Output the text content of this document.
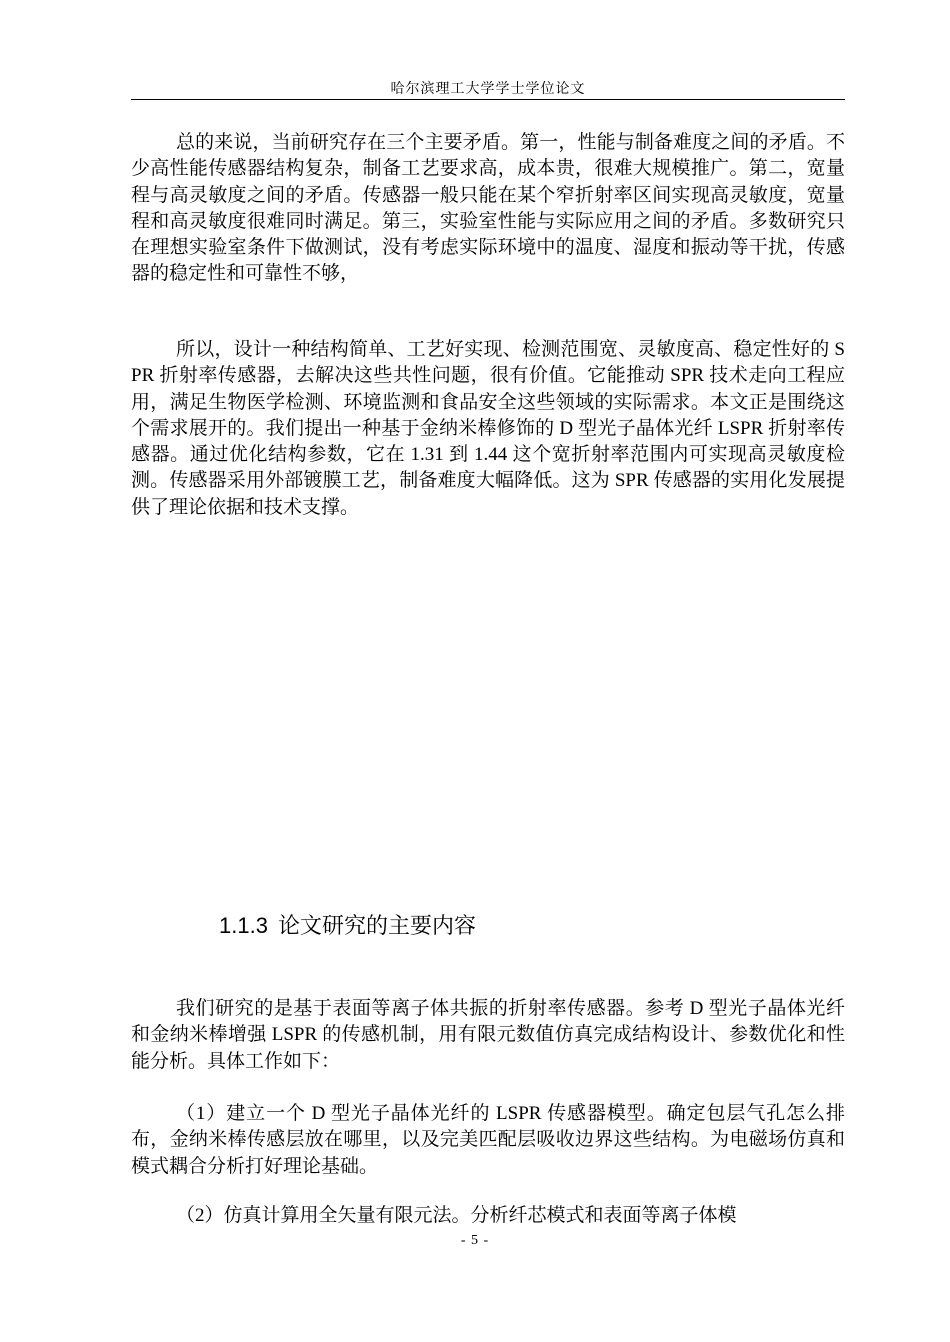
哈尔滨理工大学学士学位论文

总的来说，当前研究存在三个主要矛盾。第一，性能与制备难度之间的矛盾。不少高性能传感器结构复杂，制备工艺要求高，成本贵，很难大规模推广。第二，宽量程与高灵敏度之间的矛盾。传感器一般只能在某个窄折射率区间实现高灵敏度，宽量程和高灵敏度很难同时满足。第三，实验室性能与实际应用之间的矛盾。多数研究只在理想实验室条件下做测试，没有考虑实际环境中的温度、湿度和振动等干扰，传感器的稳定性和可靠性不够，

所以，设计一种结构简单、工艺好实现、检测范围宽、灵敏度高、稳定性好的 SPR 折射率传感器，去解决这些共性问题，很有价值。它能推动 SPR 技术走向工程应用，满足生物医学检测、环境监测和食品安全这些领域的实际需求。本文正是围绕这个需求展开的。我们提出一种基于金纳米棒修饰的 D 型光子晶体光纤 LSPR 折射率传感器。通过优化结构参数，它在 1.31 到 1.44 这个宽折射率范围内可实现高灵敏度检测。传感器采用外部镀膜工艺，制备难度大幅降低。这为 SPR 传感器的实用化发展提供了理论依据和技术支撑。

1.1.3 论文研究的主要内容

我们研究的是基于表面等离子体共振的折射率传感器。参考 D 型光子晶体光纤和金纳米棒增强 LSPR 的传感机制，用有限元数值仿真完成结构设计、参数优化和性能分析。具体工作如下：

（1）建立一个 D 型光子晶体光纤的 LSPR 传感器模型。确定包层气孔怎么排布，金纳米棒传感层放在哪里，以及完美匹配层吸收边界这些结构。为电磁场仿真和模式耦合分析打好理论基础。

（2）仿真计算用全矢量有限元法。分析纤芯模式和表面等离子体模

- 5 -
